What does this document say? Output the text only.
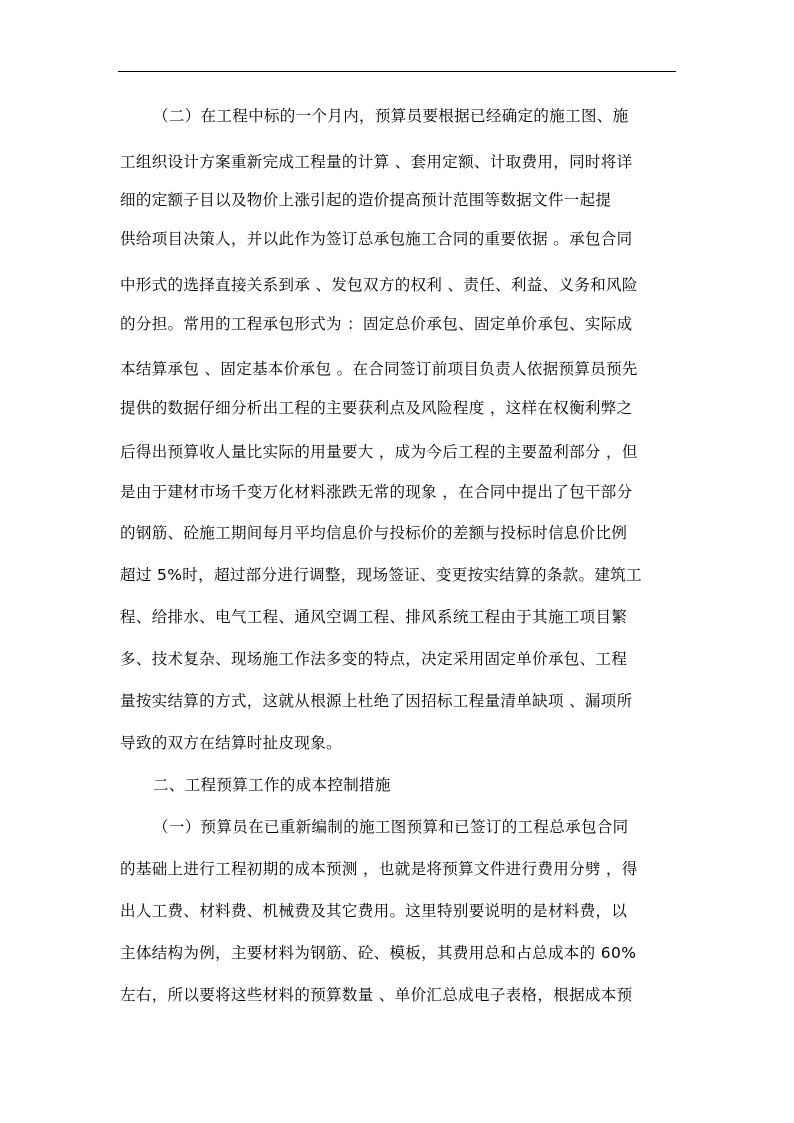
（二）在工程中标的一个月内，预算员要根据已经确定的施工图、施
工组织设计方案重新完成工程量的计算 、套用定额、计取费用，同时将详
细的定额子目以及物价上涨引起的造价提高预计范围等数据文件一起提
供给项目决策人，并以此作为签订总承包施工合同的重要依据 。承包合同
中形式的选择直接关系到承 、发包双方的权利 、责任、利益、义务和风险
的分担。常用的工程承包形式为 ：固定总价承包、固定单价承包、实际成
本结算承包 、固定基本价承包 。在合同签订前项目负责人依据预算员预先
提供的数据仔细分析出工程的主要获利点及风险程度 ，这样在权衡利弊之
后得出预算收人量比实际的用量要大 ，成为今后工程的主要盈利部分 ，但
是由于建材市场千变万化材料涨跌无常的现象 ，在合同中提出了包干部分
的钢筋、砼施工期间每月平均信息价与投标价的差额与投标时信息价比例
超过 5%时，超过部分进行调整，现场签证、变更按实结算的条款。建筑工
程、给排水、电气工程、通风空调工程、排风系统工程由于其施工项目繁
多、技术复杂、现场施工作法多变的特点，决定采用固定单价承包、工程
量按实结算的方式，这就从根源上杜绝了因招标工程量清单缺项 、漏项所
导致的双方在结算时扯皮现象。
二、工程预算工作的成本控制措施
（一）预算员在已重新编制的施工图预算和已签订的工程总承包合同
的基础上进行工程初期的成本预测 ，也就是将预算文件进行费用分劈 ，得
出人工费、材料费、机械费及其它费用。这里特别要说明的是材料费，以
主体结构为例，主要材料为钢筋、砼、模板，其费用总和占总成本的 60%
左右，所以要将这些材料的预算数量 、单价汇总成电子表格，根据成本预
